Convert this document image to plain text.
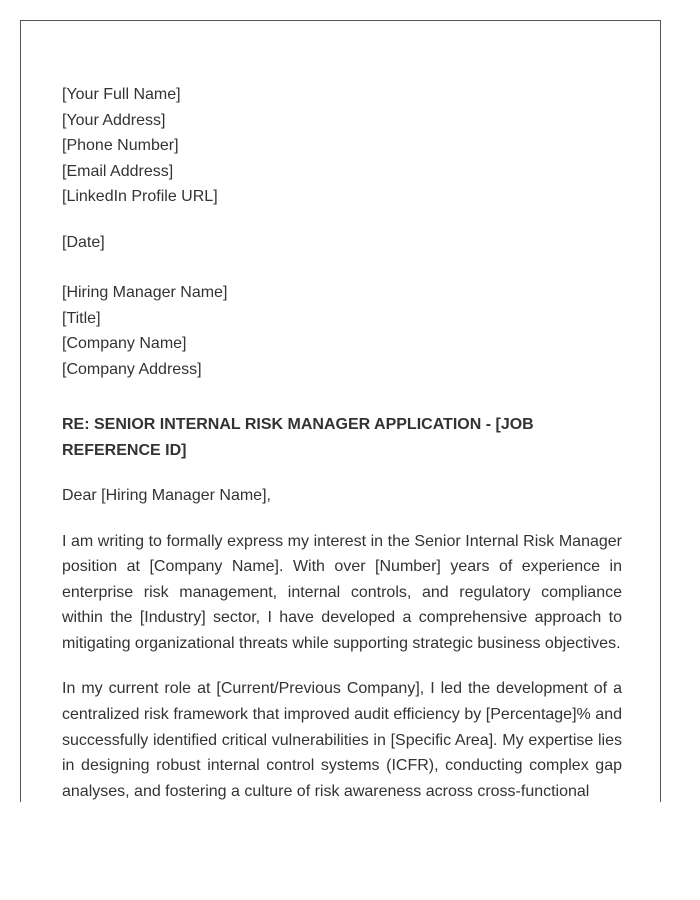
[Your Full Name]
[Your Address]
[Phone Number]
[Email Address]
[LinkedIn Profile URL]
[Date]
[Hiring Manager Name]
[Title]
[Company Name]
[Company Address]

RE: SENIOR INTERNAL RISK MANAGER APPLICATION - [JOB REFERENCE ID]

Dear [Hiring Manager Name],

I am writing to formally express my interest in the Senior Internal Risk Manager position at [Company Name]. With over [Number] years of experience in enterprise risk management, internal controls, and regulatory compliance within the [Industry] sector, I have developed a comprehensive approach to mitigating organizational threats while supporting strategic business objectives.

In my current role at [Current/Previous Company], I led the development of a centralized risk framework that improved audit efficiency by [Percentage]% and successfully identified critical vulnerabilities in [Specific Area]. My expertise lies in designing robust internal control systems (ICFR), conducting complex gap analyses, and fostering a culture of risk awareness across cross-functional
